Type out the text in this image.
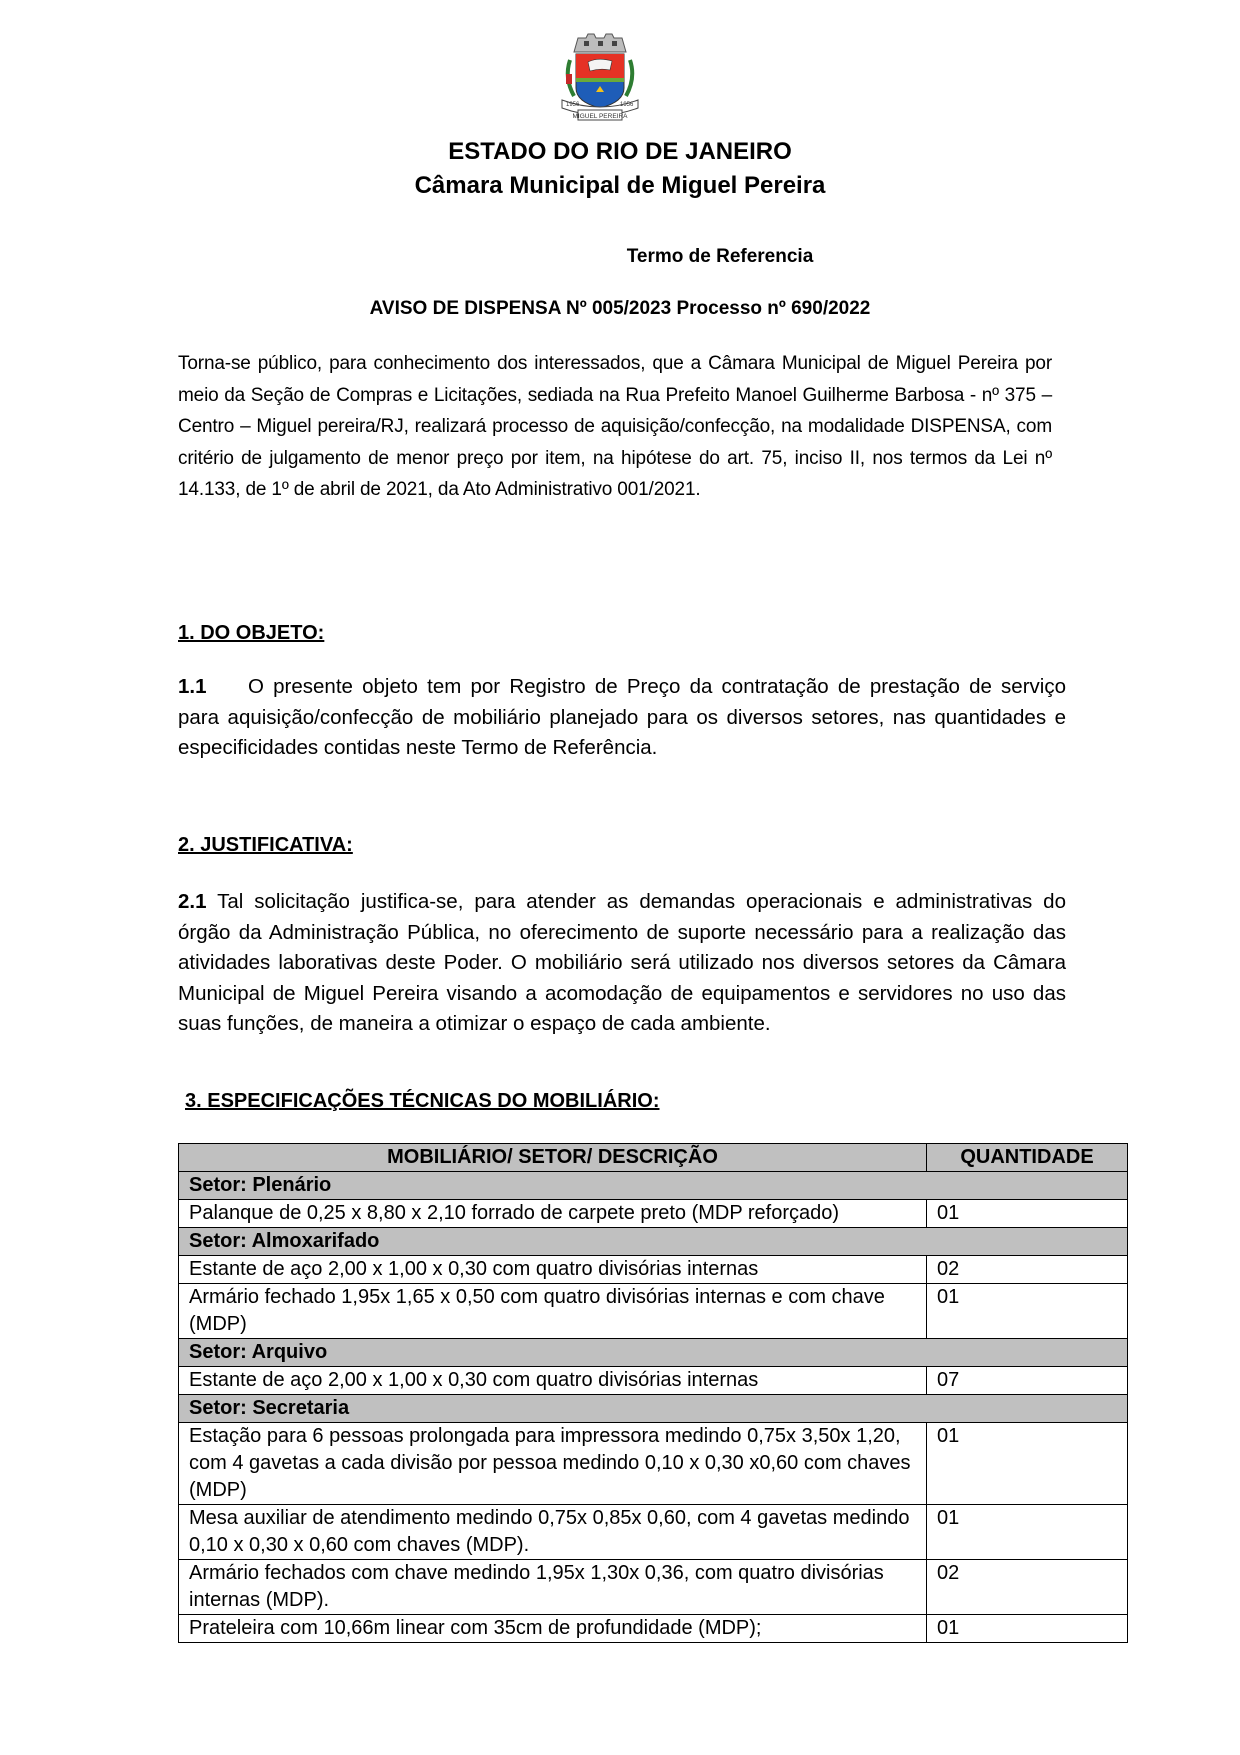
1956	1956
MIGUEL PEREIRA
ESTADO DO RIO DE JANEIRO
Câmara Municipal de Miguel Pereira
Termo de Referencia
AVISO DE DISPENSA Nº 005/2023 Processo nº 690/2022
Torna-se público, para conhecimento dos interessados, que a Câmara Municipal de Miguel Pereira por meio da Seção de Compras e Licitações, sediada na Rua Prefeito Manoel Guilherme Barbosa - nº 375 – Centro – Miguel pereira/RJ, realizará processo de aquisição/confecção, na modalidade DISPENSA, com critério de julgamento de menor preço por item, na hipótese do art. 75, inciso II, nos termos da Lei nº 14.133, de 1º de abril de 2021, da Ato Administrativo 001/2021.
1. DO OBJETO:
1.1 O presente objeto tem por Registro de Preço da contratação de prestação de serviço para aquisição/confecção de mobiliário planejado para os diversos setores, nas quantidades e especificidades contidas neste Termo de Referência.
2. JUSTIFICATIVA:
2.1 Tal solicitação justifica-se, para atender as demandas operacionais e administrativas do órgão da Administração Pública, no oferecimento de suporte necessário para a realização das atividades laborativas deste Poder. O mobiliário será utilizado nos diversos setores da Câmara Municipal de Miguel Pereira visando a acomodação de equipamentos e servidores no uso das suas funções, de maneira a otimizar o espaço de cada ambiente.
3. ESPECIFICAÇÕES TÉCNICAS DO MOBILIÁRIO:
MOBILIÁRIO/ SETOR/ DESCRIÇÃO	QUANTIDADE
Setor: Plenário	
Palanque de 0,25 x 8,80 x 2,10 forrado de carpete preto (MDP reforçado)	01
Setor: Almoxarifado	
Estante de aço 2,00 x 1,00 x 0,30 com quatro divisórias internas	02
Armário fechado 1,95x 1,65 x 0,50 com quatro divisórias internas e com chave (MDP)	01
Setor: Arquivo	
Estante de aço 2,00 x 1,00 x 0,30 com quatro divisórias internas	07
Setor: Secretaria	
Estação para 6 pessoas prolongada para impressora medindo 0,75x 3,50x 1,20, com 4 gavetas a cada divisão por pessoa medindo 0,10 x 0,30 x0,60 com chaves (MDP)	01
Mesa auxiliar de atendimento medindo 0,75x 0,85x 0,60, com 4 gavetas medindo 0,10 x 0,30 x 0,60 com chaves (MDP).	01
Armário fechados com chave medindo 1,95x 1,30x 0,36, com quatro divisórias internas (MDP).	02
Prateleira com 10,66m linear com 35cm de profundidade (MDP);	01
